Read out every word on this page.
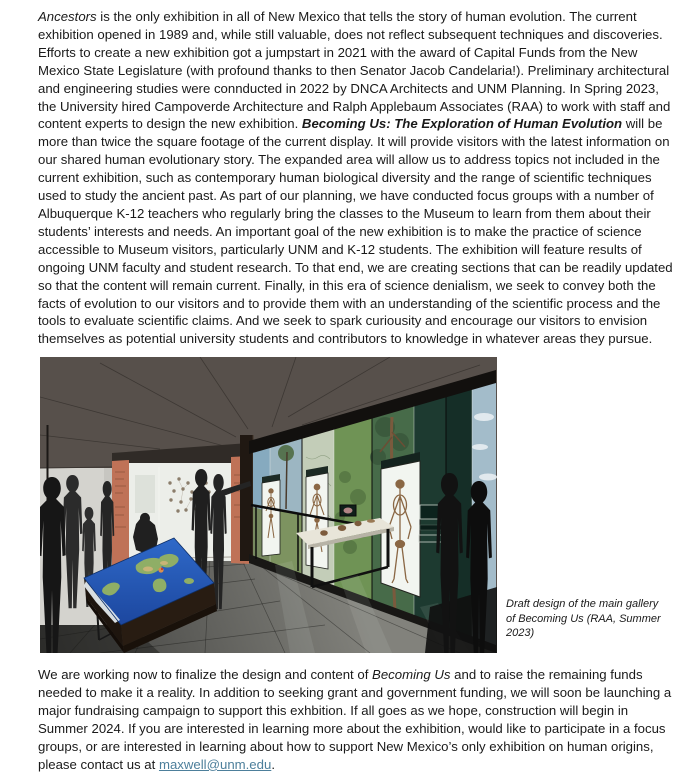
Ancestors is the only exhibition in all of New Mexico that tells the story of human evolution. The current exhibition opened in 1989 and, while still valuable, does not reflect subsequent techniques and discoveries. Efforts to create a new exhibition got a jumpstart in 2021 with the award of Capital Funds from the New Mexico State Legislature (with profound thanks to then Senator Jacob Candelaria!). Preliminary architectural and engineering studies were connducted in 2022 by DNCA Architects and UNM Planning. In Spring 2023, the University hired Campoverde Architecture and Ralph Applebaum Associates (RAA) to work with staff and content experts to design the new exhibition. Becoming Us: The Exploration of Human Evolution will be more than twice the square footage of the current display. It will provide visitors with the latest information on our shared human evolutionary story. The expanded area will allow us to address topics not included in the current exhibition, such as contemporary human biological diversity and the range of scientific techniques used to study the ancient past. As part of our planning, we have conducted focus groups with a number of Albuquerque K-12 teachers who regularly bring the classes to the Museum to learn from them about their students’ interests and needs. An important goal of the new exhibition is to make the practice of science accessible to Museum visitors, particularly UNM and K-12 students. The exhibition will feature results of ongoing UNM faculty and student research. To that end, we are creating sections that can be readily updated so that the content will remain current. Finally, in this era of science denialism, we seek to convey both the facts of evolution to our visitors and to provide them with an understanding of the scientific process and the tools to evaluate scientific claims. And we seek to spark curiousity and encourage our visitors to envision themselves as potential university students and contributors to knowledge in whatever areas they pursue.

Draft design of the main gallery of Becoming Us (RAA, Summer 2023)

We are working now to finalize the design and content of Becoming Us and to raise the remaining funds needed to make it a reality. In addition to seeking grant and government funding, we will soon be launching a major fundraising campaign to support this exhbition. If all goes as we hope, construction will begin in Summer 2024. If you are interested in learning more about the exhibition, would like to participate in a focus groups, or are interested in learning about how to support New Mexico’s only exhibition on human origins, please contact us at maxwell@unm.edu.
